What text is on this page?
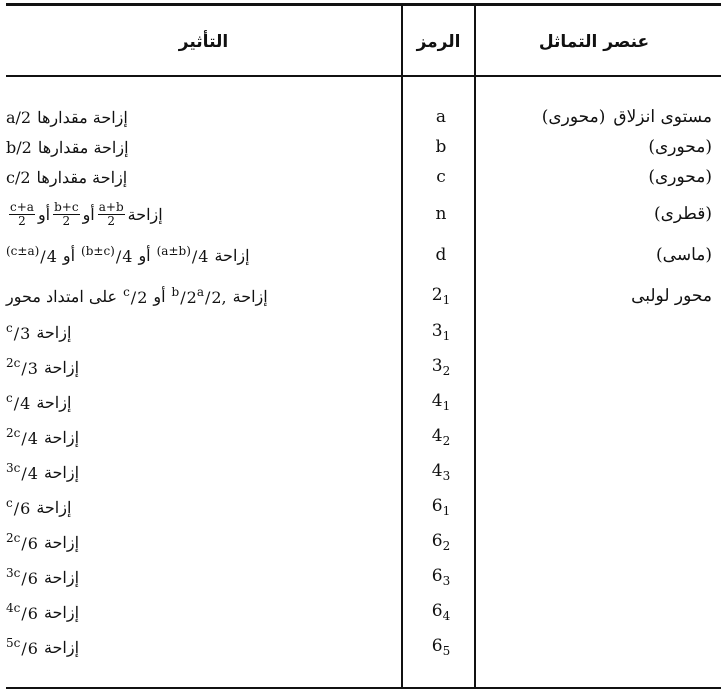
عنصر التماثل
الرمز
التأثير
مستوى انزلاق
(محورى)
a
إزاحة مقدارها
a/2
(محورى)
b
إزاحة مقدارها
b/2
(محورى)
c
إزاحة مقدارها
c/2
(قطرى)
n
إزاحة
$\frac{a+b}{2}$
أو
$\frac{b+c}{2}$
أو
$\frac{c+a}{2}$
(ماسى)
d
إزاحة
$^{(a\pm b)}$/4
أو
$^{(b\pm c)}$/4
أو
$^{(c\pm a)}$/4
محور لولبى
$2_1$
إزاحة
$^a$/2,
$^b$/2
أو
$^c$/2
على امتداد محور
$3_1$
إزاحة
$^c$/3
$3_2$
إزاحة
$^{2c}$/3
$4_1$
إزاحة
$^c$/4
$4_2$
إزاحة
$^{2c}$/4
$4_3$
إزاحة
$^{3c}$/4
$6_1$
إزاحة
$^c$/6
$6_2$
إزاحة
$^{2c}$/6
$6_3$
إزاحة
$^{3c}$/6
$6_4$
إزاحة
$^{4c}$/6
$6_5$
إزاحة
$^{5c}$/6
